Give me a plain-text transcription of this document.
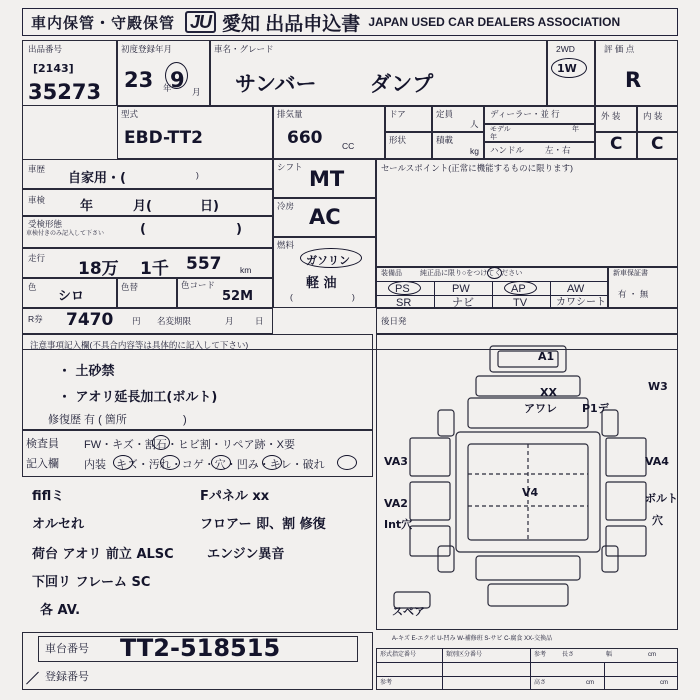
車内保管・守殿保管 JU 愛知 出品申込書 JAPAN USED CAR DEALERS ASSOCIATION
出品番号
[2143]
35273
初度登録年月
23 年
9 月
車名・グレード
サンバー	ダンプ
2WD
1W
評 価 点
R
型式
EBD-TT2
排気量
660 CC
ドア	定員
人
形状	積載
kg
ディーラー・並 行
モデル	年
年
ハンドル 左・右
外 装	内 装
C C
車歴
自家用・(	)
車検	年	月(	日)
受検形態
車検付きのみ記入して下さい	(	)
走行
18万 1千 557 km
色
シロ
色替	色コード
52M
R券 7470 円 名変期限	月	日
シフト MT
冷房 AC
燃料
ガソリン
軽 油
(	)
セールスポイント(正常に機能するものに限ります)
装備品	純正品に限り○をつけてください
PS	PW	AP	AW
SR	ナビ	TV	カワシート
新車保証書
有 ・ 無
後日発
注意事項記入欄(不具合内容等は具体的に記入して下さい)
・ 土砂禁
・ アオリ延長加工(ボルト)
修復歴 有 ( 箇所	)
検査員
記入欄
FW・キズ・割石・ヒビ割・リペア跡・X要
内装 キズ・汚れ・コゲ・穴・凹み・キレ・破れ
ﬁﬂミ	Fパネル xx
オルセれ	フロアー 即、割 修復
荷台 アオリ 前立 ALSC	エンジン異音
下回リ フレーム SC
各 AV.
車台番号 TT2-518515
登録番号
／
A1
XX	W3
アワレ P1デ
VA3	VA4
VA2
V4	ボルト
Int穴	穴
スペア
A-キズ E-エクボ U-凹み W-補修班 S-サビ C-腐食 XX-交換品
形式指定番号	類別区分番号	参考	長さ	幅	cm
参考	高さ	cm	cm
